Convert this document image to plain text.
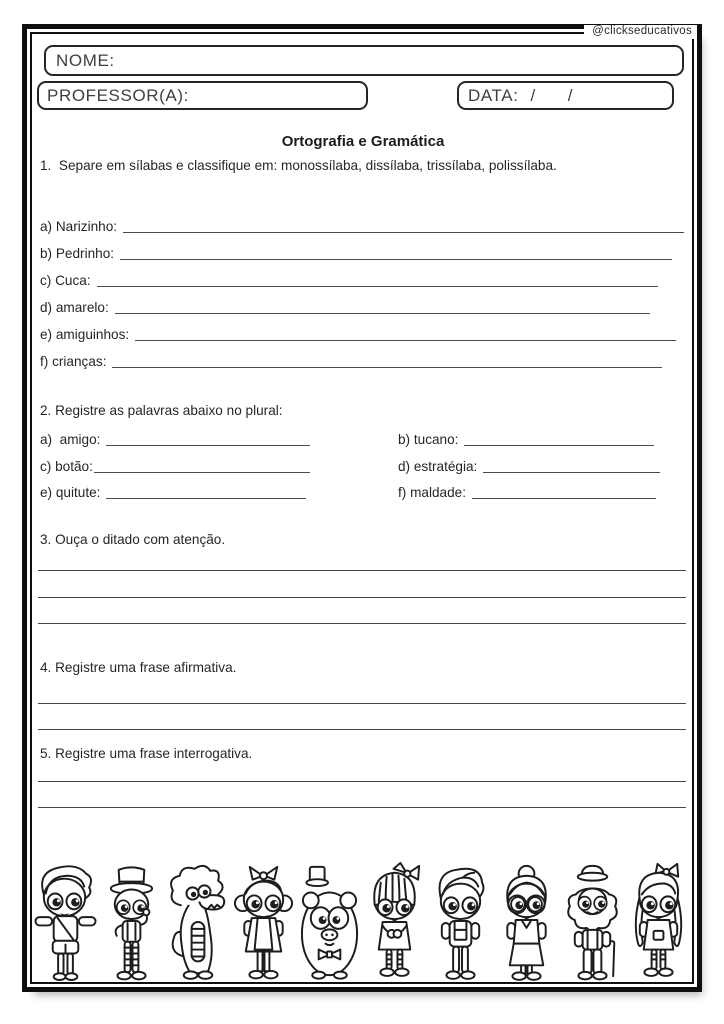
@clickseducativos
NOME:
PROFESSOR(A):	DATA: /      /
Ortografia e Gramática
1.  Separe em sílabas e classifique em: monossílaba, dissílaba, trissílaba, polissílaba.
a) Narizinho:
b) Pedrinho:
c) Cuca:
d) amarelo:
e) amiguinhos:
f) crianças:
2. Registre as palavras abaixo no plural:
a)  amigo:	b) tucano:
c) botão:	d) estratégia:
e) quitute:	f) maldade:
3. Ouça o ditado com atenção.
4. Registre uma frase afirmativa.
5. Registre uma frase interrogativa.
